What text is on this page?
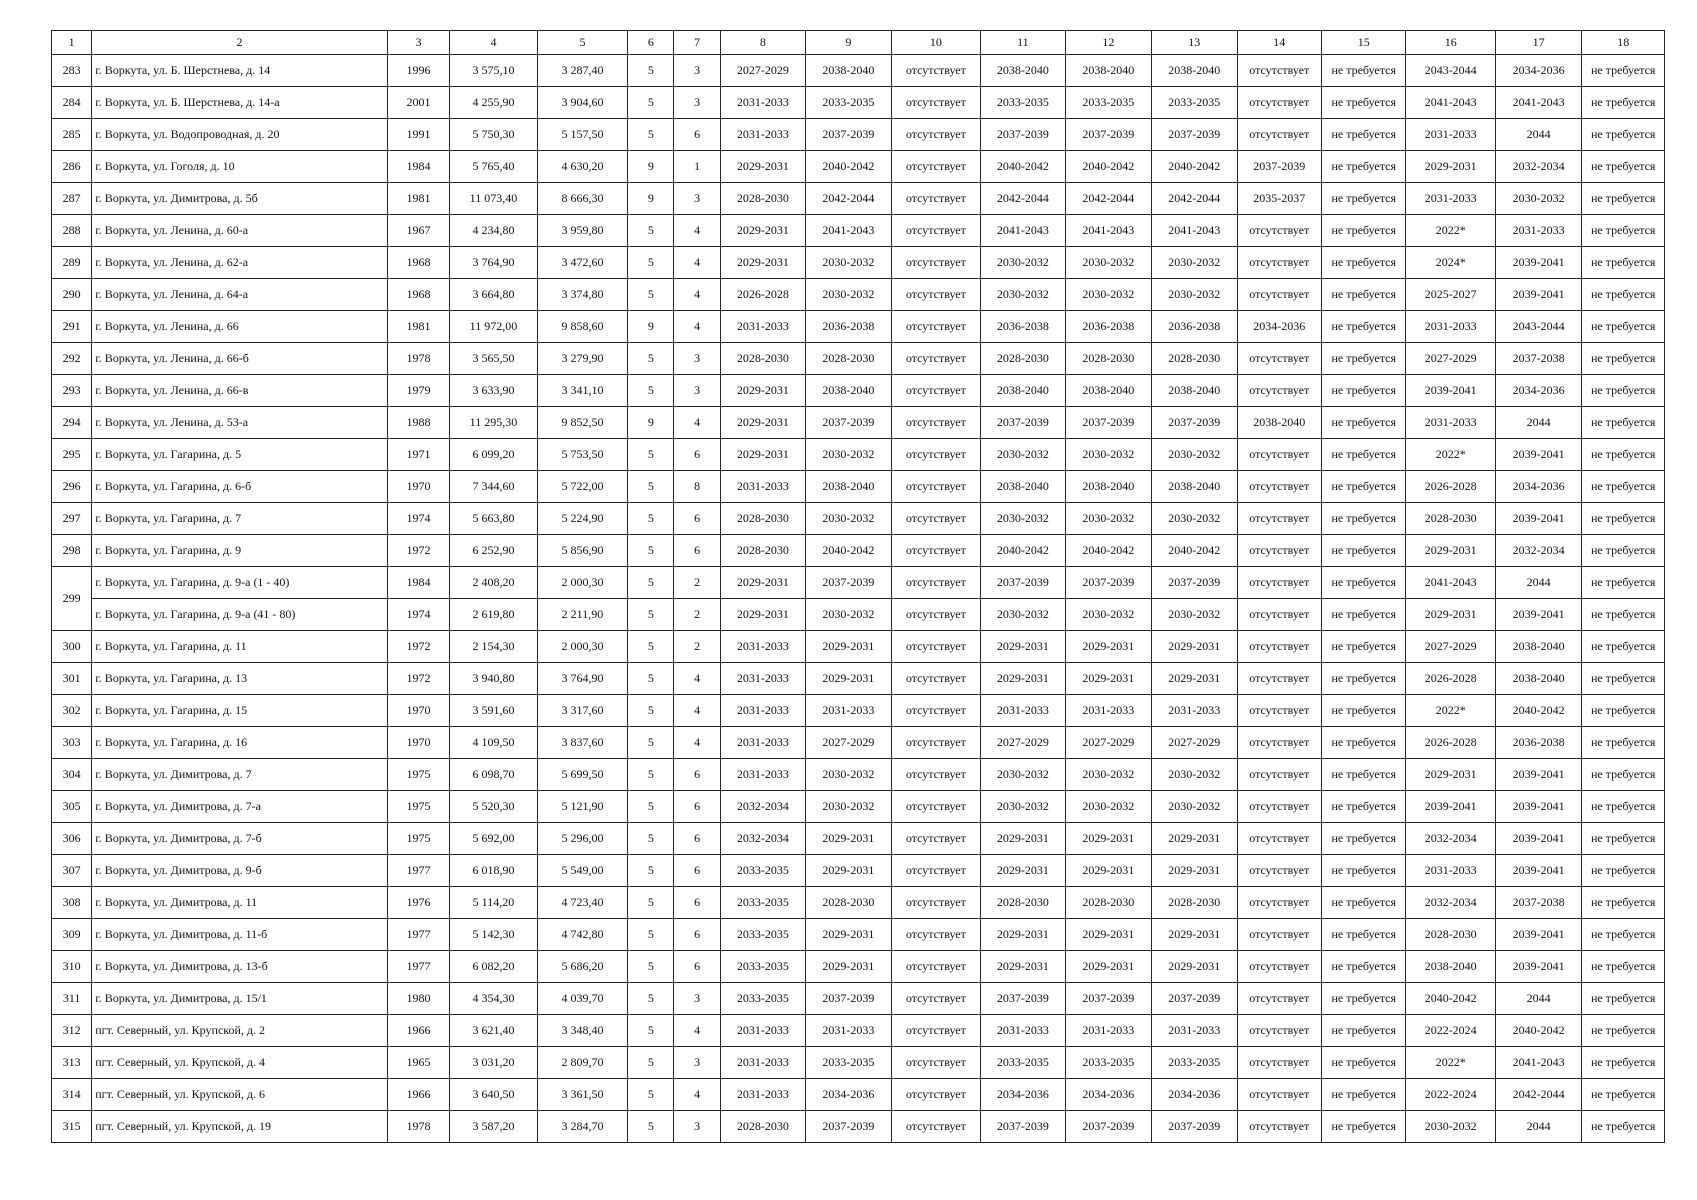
1	2	3	4	5	6	7	8	9	10	11	12	13	14	15	16	17	18
283	г. Воркута, ул. Б. Шерстнева, д. 14	1996	3 575,10	3 287,40	5	3	2027-2029	2038-2040	отсутствует	2038-2040	2038-2040	2038-2040	отсутствует	не требуется	2043-2044	2034-2036	не требуется
284	г. Воркута, ул. Б. Шерстнева, д. 14-а	2001	4 255,90	3 904,60	5	3	2031-2033	2033-2035	отсутствует	2033-2035	2033-2035	2033-2035	отсутствует	не требуется	2041-2043	2041-2043	не требуется
285	г. Воркута, ул. Водопроводная, д. 20	1991	5 750,30	5 157,50	5	6	2031-2033	2037-2039	отсутствует	2037-2039	2037-2039	2037-2039	отсутствует	не требуется	2031-2033	2044	не требуется
286	г. Воркута, ул. Гоголя, д. 10	1984	5 765,40	4 630,20	9	1	2029-2031	2040-2042	отсутствует	2040-2042	2040-2042	2040-2042	2037-2039	не требуется	2029-2031	2032-2034	не требуется
287	г. Воркута, ул. Димитрова, д. 5б	1981	11 073,40	8 666,30	9	3	2028-2030	2042-2044	отсутствует	2042-2044	2042-2044	2042-2044	2035-2037	не требуется	2031-2033	2030-2032	не требуется
288	г. Воркута, ул. Ленина, д. 60-а	1967	4 234,80	3 959,80	5	4	2029-2031	2041-2043	отсутствует	2041-2043	2041-2043	2041-2043	отсутствует	не требуется	2022*	2031-2033	не требуется
289	г. Воркута, ул. Ленина, д. 62-а	1968	3 764,90	3 472,60	5	4	2029-2031	2030-2032	отсутствует	2030-2032	2030-2032	2030-2032	отсутствует	не требуется	2024*	2039-2041	не требуется
290	г. Воркута, ул. Ленина, д. 64-а	1968	3 664,80	3 374,80	5	4	2026-2028	2030-2032	отсутствует	2030-2032	2030-2032	2030-2032	отсутствует	не требуется	2025-2027	2039-2041	не требуется
291	г. Воркута, ул. Ленина, д. 66	1981	11 972,00	9 858,60	9	4	2031-2033	2036-2038	отсутствует	2036-2038	2036-2038	2036-2038	2034-2036	не требуется	2031-2033	2043-2044	не требуется
292	г. Воркута, ул. Ленина, д. 66-б	1978	3 565,50	3 279,90	5	3	2028-2030	2028-2030	отсутствует	2028-2030	2028-2030	2028-2030	отсутствует	не требуется	2027-2029	2037-2038	не требуется
293	г. Воркута, ул. Ленина, д. 66-в	1979	3 633,90	3 341,10	5	3	2029-2031	2038-2040	отсутствует	2038-2040	2038-2040	2038-2040	отсутствует	не требуется	2039-2041	2034-2036	не требуется
294	г. Воркута, ул. Ленина, д. 53-а	1988	11 295,30	9 852,50	9	4	2029-2031	2037-2039	отсутствует	2037-2039	2037-2039	2037-2039	2038-2040	не требуется	2031-2033	2044	не требуется
295	г. Воркута, ул. Гагарина, д. 5	1971	6 099,20	5 753,50	5	6	2029-2031	2030-2032	отсутствует	2030-2032	2030-2032	2030-2032	отсутствует	не требуется	2022*	2039-2041	не требуется
296	г. Воркута, ул. Гагарина, д. 6-б	1970	7 344,60	5 722,00	5	8	2031-2033	2038-2040	отсутствует	2038-2040	2038-2040	2038-2040	отсутствует	не требуется	2026-2028	2034-2036	не требуется
297	г. Воркута, ул. Гагарина, д. 7	1974	5 663,80	5 224,90	5	6	2028-2030	2030-2032	отсутствует	2030-2032	2030-2032	2030-2032	отсутствует	не требуется	2028-2030	2039-2041	не требуется
298	г. Воркута, ул. Гагарина, д. 9	1972	6 252,90	5 856,90	5	6	2028-2030	2040-2042	отсутствует	2040-2042	2040-2042	2040-2042	отсутствует	не требуется	2029-2031	2032-2034	не требуется
299	г. Воркута, ул. Гагарина, д. 9-а (1 - 40)	1984	2 408,20	2 000,30	5	2	2029-2031	2037-2039	отсутствует	2037-2039	2037-2039	2037-2039	отсутствует	не требуется	2041-2043	2044	не требуется
	г. Воркута, ул. Гагарина, д. 9-а (41 - 80)	1974	2 619,80	2 211,90	5	2	2029-2031	2030-2032	отсутствует	2030-2032	2030-2032	2030-2032	отсутствует	не требуется	2029-2031	2039-2041	не требуется
300	г. Воркута, ул. Гагарина, д. 11	1972	2 154,30	2 000,30	5	2	2031-2033	2029-2031	отсутствует	2029-2031	2029-2031	2029-2031	отсутствует	не требуется	2027-2029	2038-2040	не требуется
301	г. Воркута, ул. Гагарина, д. 13	1972	3 940,80	3 764,90	5	4	2031-2033	2029-2031	отсутствует	2029-2031	2029-2031	2029-2031	отсутствует	не требуется	2026-2028	2038-2040	не требуется
302	г. Воркута, ул. Гагарина, д. 15	1970	3 591,60	3 317,60	5	4	2031-2033	2031-2033	отсутствует	2031-2033	2031-2033	2031-2033	отсутствует	не требуется	2022*	2040-2042	не требуется
303	г. Воркута, ул. Гагарина, д. 16	1970	4 109,50	3 837,60	5	4	2031-2033	2027-2029	отсутствует	2027-2029	2027-2029	2027-2029	отсутствует	не требуется	2026-2028	2036-2038	не требуется
304	г. Воркута, ул. Димитрова, д. 7	1975	6 098,70	5 699,50	5	6	2031-2033	2030-2032	отсутствует	2030-2032	2030-2032	2030-2032	отсутствует	не требуется	2029-2031	2039-2041	не требуется
305	г. Воркута, ул. Димитрова, д. 7-а	1975	5 520,30	5 121,90	5	6	2032-2034	2030-2032	отсутствует	2030-2032	2030-2032	2030-2032	отсутствует	не требуется	2039-2041	2039-2041	не требуется
306	г. Воркута, ул. Димитрова, д. 7-б	1975	5 692,00	5 296,00	5	6	2032-2034	2029-2031	отсутствует	2029-2031	2029-2031	2029-2031	отсутствует	не требуется	2032-2034	2039-2041	не требуется
307	г. Воркута, ул. Димитрова, д. 9-б	1977	6 018,90	5 549,00	5	6	2033-2035	2029-2031	отсутствует	2029-2031	2029-2031	2029-2031	отсутствует	не требуется	2031-2033	2039-2041	не требуется
308	г. Воркута, ул. Димитрова, д. 11	1976	5 114,20	4 723,40	5	6	2033-2035	2028-2030	отсутствует	2028-2030	2028-2030	2028-2030	отсутствует	не требуется	2032-2034	2037-2038	не требуется
309	г. Воркута, ул. Димитрова, д. 11-б	1977	5 142,30	4 742,80	5	6	2033-2035	2029-2031	отсутствует	2029-2031	2029-2031	2029-2031	отсутствует	не требуется	2028-2030	2039-2041	не требуется
310	г. Воркута, ул. Димитрова, д. 13-б	1977	6 082,20	5 686,20	5	6	2033-2035	2029-2031	отсутствует	2029-2031	2029-2031	2029-2031	отсутствует	не требуется	2038-2040	2039-2041	не требуется
311	г. Воркута, ул. Димитрова, д. 15/1	1980	4 354,30	4 039,70	5	3	2033-2035	2037-2039	отсутствует	2037-2039	2037-2039	2037-2039	отсутствует	не требуется	2040-2042	2044	не требуется
312	пгт. Северный, ул. Крупской, д. 2	1966	3 621,40	3 348,40	5	4	2031-2033	2031-2033	отсутствует	2031-2033	2031-2033	2031-2033	отсутствует	не требуется	2022-2024	2040-2042	не требуется
313	пгт. Северный, ул. Крупской, д. 4	1965	3 031,20	2 809,70	5	3	2031-2033	2033-2035	отсутствует	2033-2035	2033-2035	2033-2035	отсутствует	не требуется	2022*	2041-2043	не требуется
314	пгт. Северный, ул. Крупской, д. 6	1966	3 640,50	3 361,50	5	4	2031-2033	2034-2036	отсутствует	2034-2036	2034-2036	2034-2036	отсутствует	не требуется	2022-2024	2042-2044	не требуется
315	пгт. Северный, ул. Крупской, д. 19	1978	3 587,20	3 284,70	5	3	2028-2030	2037-2039	отсутствует	2037-2039	2037-2039	2037-2039	отсутствует	не требуется	2030-2032	2044	не требуется
